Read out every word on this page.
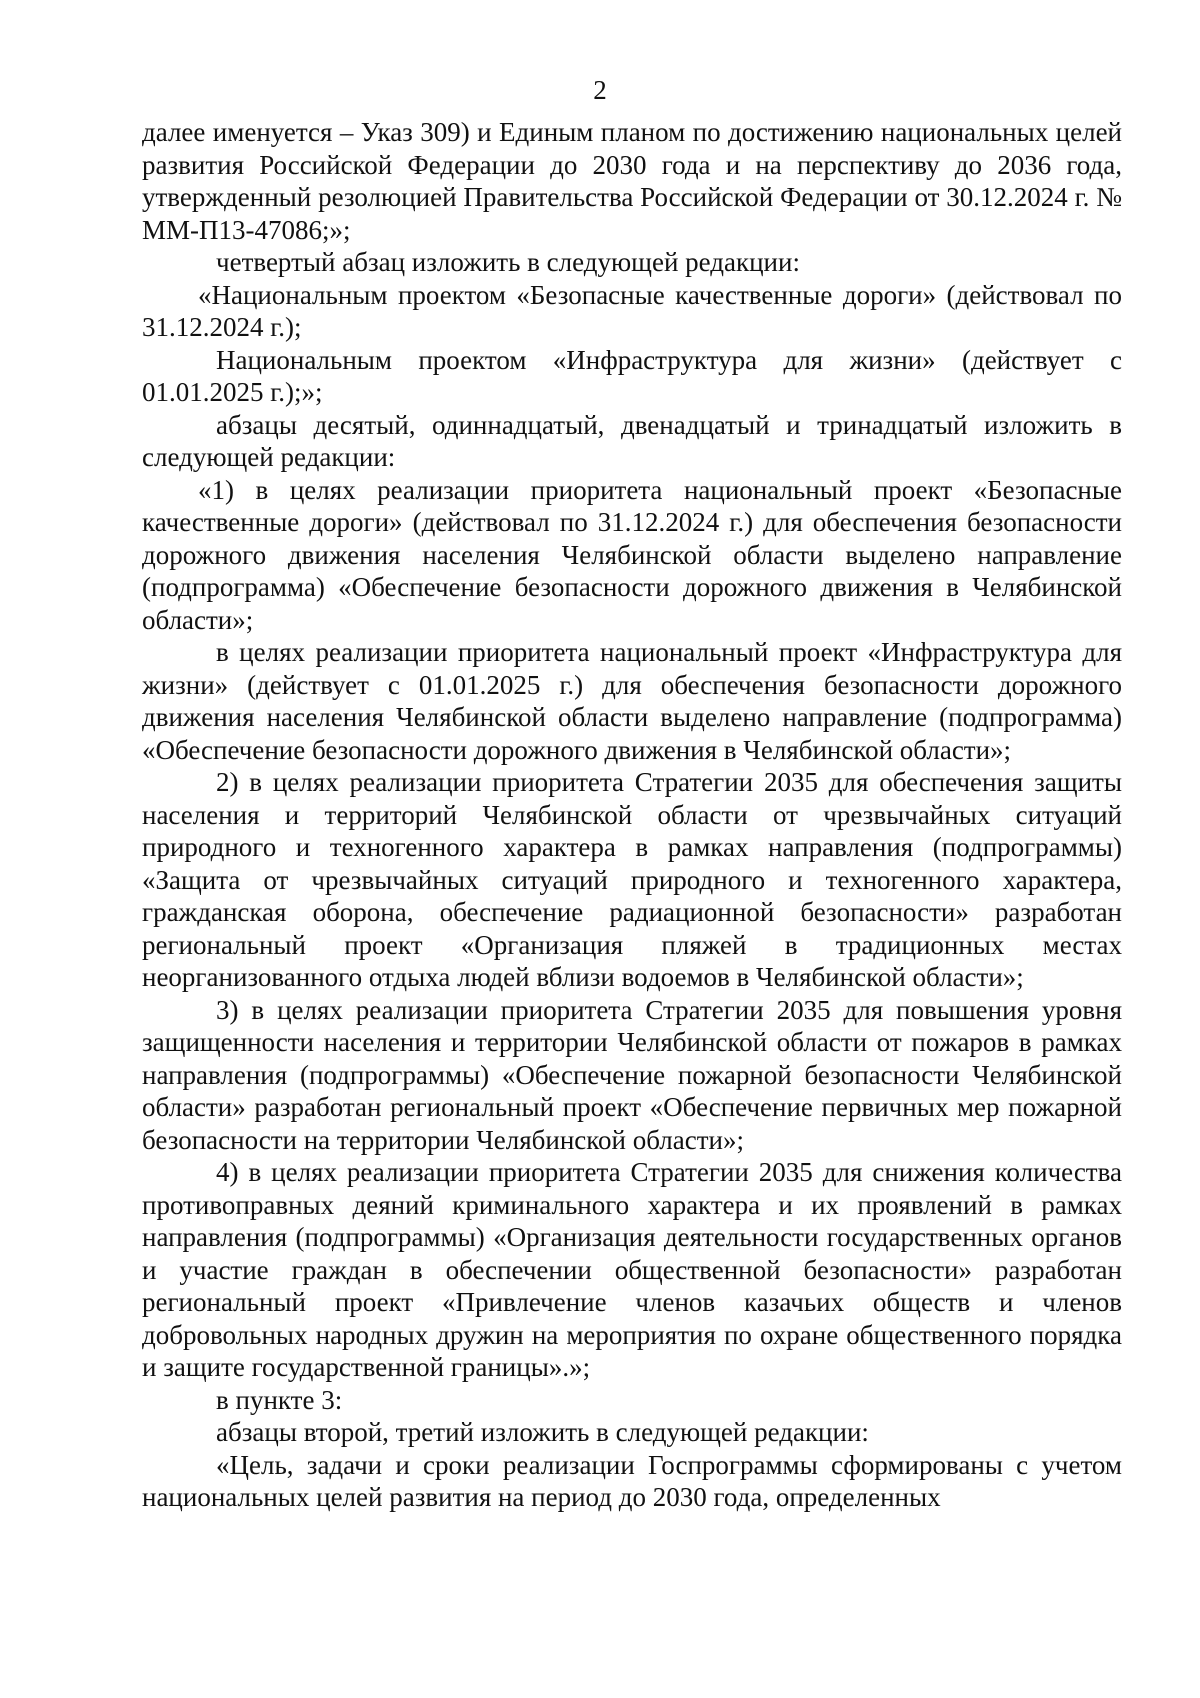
2

далее именуется – Указ 309) и Единым планом по достижению национальных целей развития Российской Федерации до 2030 года и на перспективу до 2036 года, утвержденный резолюцией Правительства Российской Федерации от 30.12.2024 г. № ММ-П13-47086;»;

четвертый абзац изложить в следующей редакции:

«Национальным проектом «Безопасные качественные дороги» (действовал по 31.12.2024 г.);

Национальным проектом «Инфраструктура для жизни» (действует с 01.01.2025 г.);»;

абзацы десятый, одиннадцатый, двенадцатый и тринадцатый изложить в следующей редакции:

«1) в целях реализации приоритета национальный проект «Безопасные качественные дороги» (действовал по 31.12.2024 г.) для обеспечения безопасности дорожного движения населения Челябинской области выделено направление (подпрограмма) «Обеспечение безопасности дорожного движения в Челябинской области»;

в целях реализации приоритета национальный проект «Инфраструктура для жизни» (действует с 01.01.2025 г.) для обеспечения безопасности дорожного движения населения Челябинской области выделено направление (подпрограмма) «Обеспечение безопасности дорожного движения в Челябинской области»;

2) в целях реализации приоритета Стратегии 2035 для обеспечения защиты населения и территорий Челябинской области от чрезвычайных ситуаций природного и техногенного характера в рамках направления (подпрограммы) «Защита от чрезвычайных ситуаций природного и техногенного характера, гражданская оборона, обеспечение радиационной безопасности» разработан региональный проект «Организация пляжей в традиционных местах неорганизованного отдыха людей вблизи водоемов в Челябинской области»;

3) в целях реализации приоритета Стратегии 2035 для повышения уровня защищенности населения и территории Челябинской области от пожаров в рамках направления (подпрограммы) «Обеспечение пожарной безопасности Челябинской области» разработан региональный проект «Обеспечение первичных мер пожарной безопасности на территории Челябинской области»;

4) в целях реализации приоритета Стратегии 2035 для снижения количества противоправных деяний криминального характера и их проявлений в рамках направления (подпрограммы) «Организация деятельности государственных органов и участие граждан в обеспечении общественной безопасности» разработан региональный проект «Привлечение членов казачьих обществ и членов добровольных народных дружин на мероприятия по охране общественного порядка и защите государственной границы».»;

в пункте 3:

абзацы второй, третий изложить в следующей редакции:

«Цель, задачи и сроки реализации Госпрограммы сформированы с учетом национальных целей развития на период до 2030 года, определенных
